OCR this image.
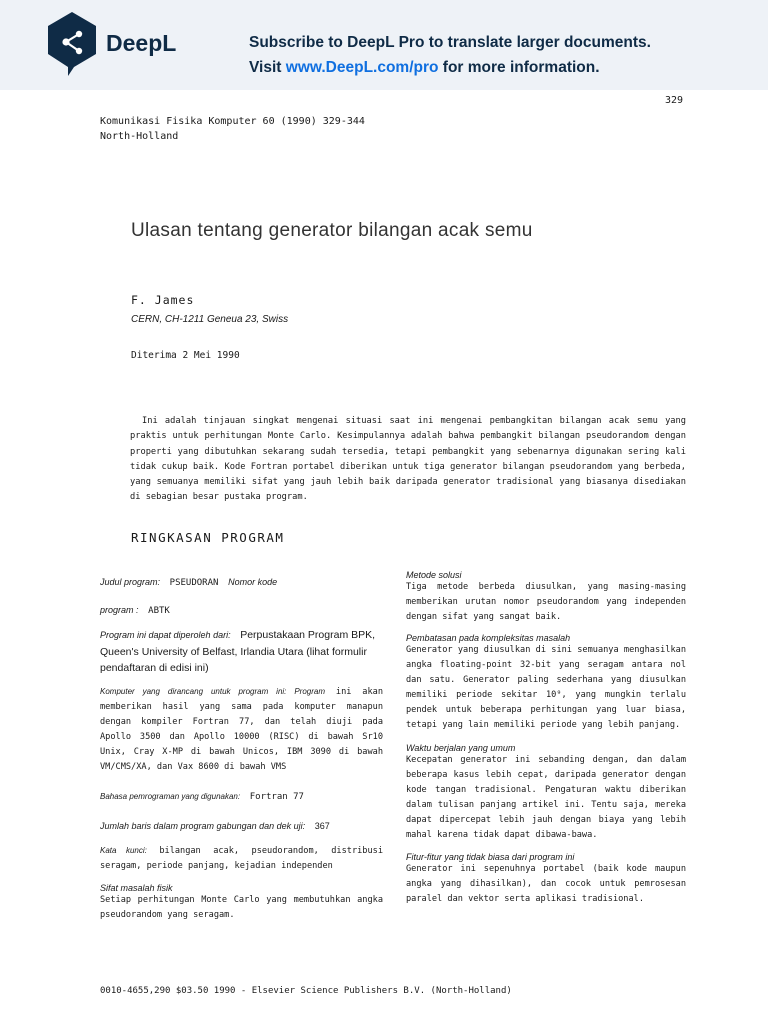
DeepL	Subscribe to DeepL Pro to translate larger documents.
Visit www.DeepL.com/pro for more information.
329
Komunikasi Fisika Komputer 60 (1990) 329-344
North-Holland
Ulasan tentang generator bilangan acak semu
F. James
CERN, CH-1211 Geneua 23, Swiss
Diterima 2 Mei 1990
Ini adalah tinjauan singkat mengenai situasi saat ini mengenai pembangkitan bilangan acak semu yang praktis untuk perhitungan Monte Carlo. Kesimpulannya adalah bahwa pembangkit bilangan pseudorandom dengan properti yang dibutuhkan sekarang sudah tersedia, tetapi pembangkit yang sebenarnya digunakan sering kali tidak cukup baik. Kode Fortran portabel diberikan untuk tiga generator bilangan pseudorandom yang berbeda, yang semuanya memiliki sifat yang jauh lebih baik daripada generator tradisional yang biasanya disediakan di sebagian besar pustaka program.
RINGKASAN PROGRAM
Judul program: PSEUDORAN Nomor kode
program : ABTK
Program ini dapat diperoleh dari: Perpustakaan Program BPK, Queen's University of Belfast, Irlandia Utara (lihat formulir pendaftaran di edisi ini)
Komputer yang dirancang untuk program ini: Program ini akan memberikan hasil yang sama pada komputer manapun dengan kompiler Fortran 77, dan telah diuji pada Apollo 3500 dan Apollo 10000 (RISC) di bawah Sr10 Unix, Cray X-MP di bawah Unicos, IBM 3090 di bawah VM/CMS/XA, dan Vax 8600 di bawah VMS
Bahasa pemrograman yang digunakan: Fortran 77
Jumlah baris dalam program gabungan dan dek uji: 367
Kata kunci: bilangan acak, pseudorandom, distribusi seragam, periode panjang, kejadian independen
Sifat masalah fisik
Setiap perhitungan Monte Carlo yang membutuhkan angka pseudorandom yang seragam.
Metode solusi
Tiga metode berbeda diusulkan, yang masing-masing memberikan urutan nomor pseudorandom yang independen dengan sifat yang sangat baik.
Pembatasan pada kompleksitas masalah
Generator yang diusulkan di sini semuanya menghasilkan angka floating-point 32-bit yang seragam antara nol dan satu. Generator paling sederhana yang diusulkan memiliki periode sekitar 10⁹, yang mungkin terlalu pendek untuk beberapa perhitungan yang luar biasa, tetapi yang lain memiliki periode yang lebih panjang.
Waktu berjalan yang umum
Kecepatan generator ini sebanding dengan, dan dalam beberapa kasus lebih cepat, daripada generator dengan kode tangan tradisional. Pengaturan waktu diberikan dalam tulisan panjang artikel ini. Tentu saja, mereka dapat dipercepat lebih jauh dengan biaya yang lebih mahal karena tidak dapat dibawa-bawa.
Fitur-fitur yang tidak biasa dari program ini
Generator ini sepenuhnya portabel (baik kode maupun angka yang dihasilkan), dan cocok untuk pemrosesan paralel dan vektor serta aplikasi tradisional.
0010-4655,290 $03.50 1990 - Elsevier Science Publishers B.V. (North-Holland)
